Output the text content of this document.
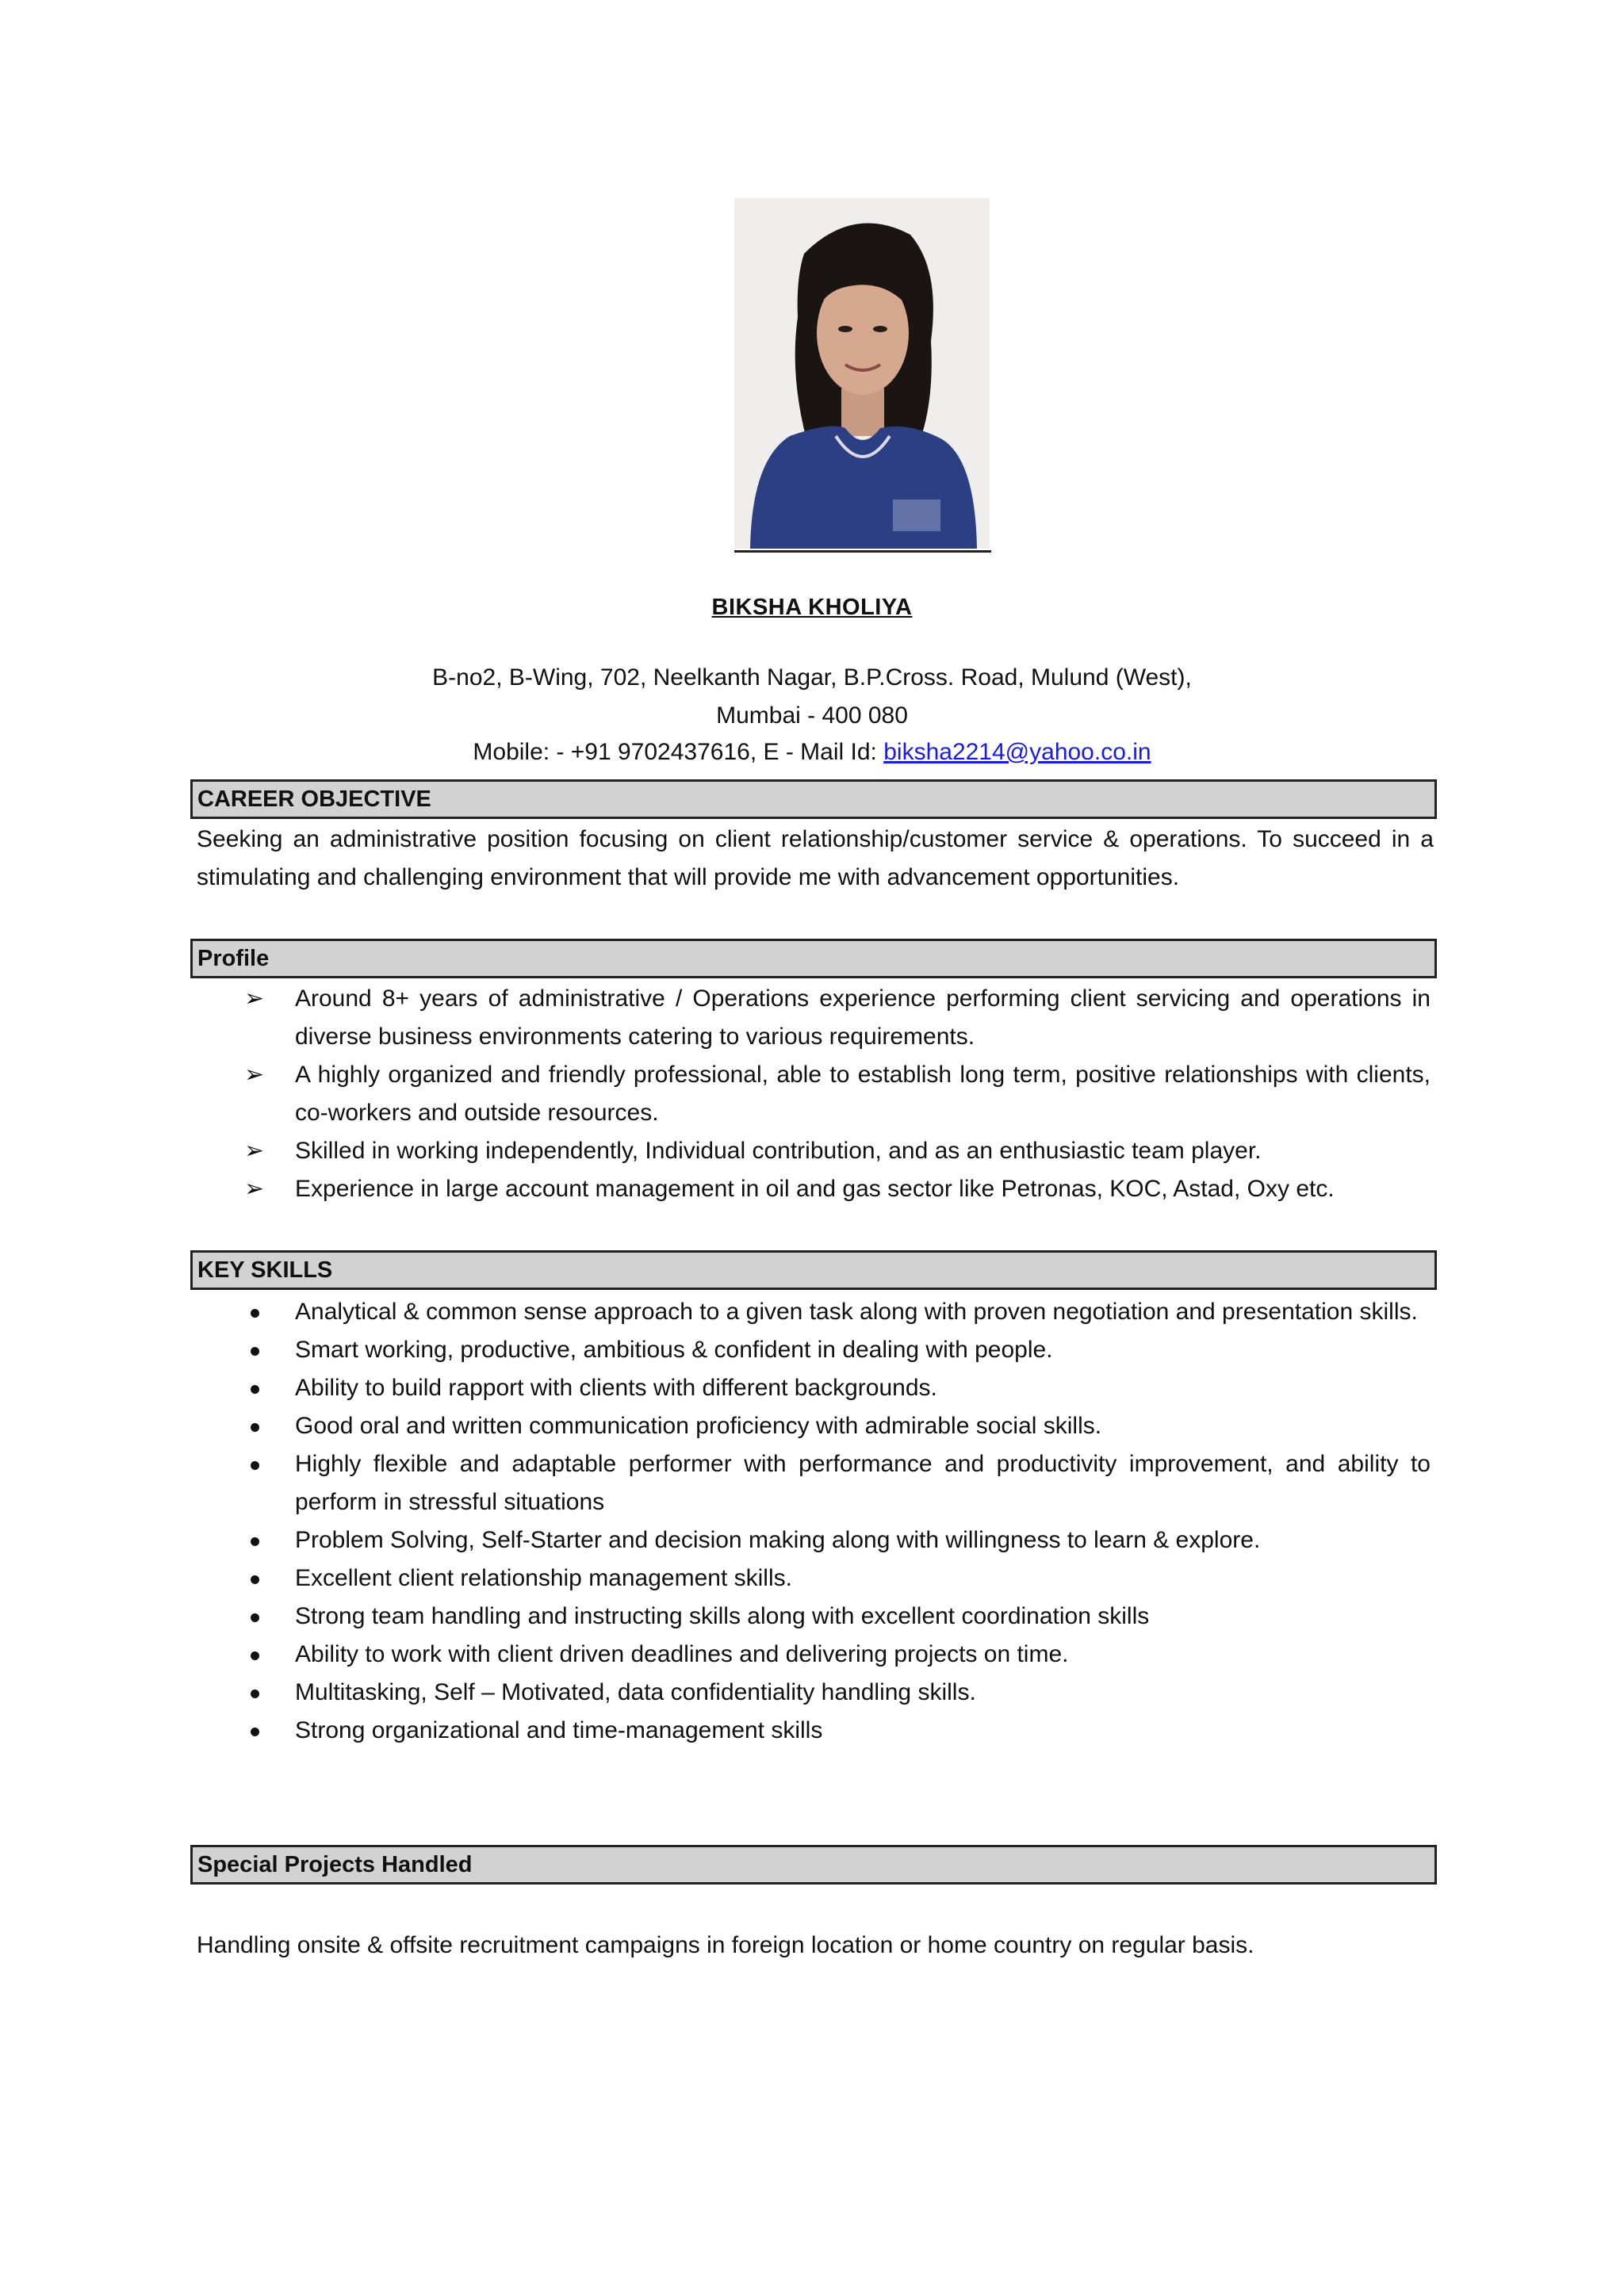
BIKSHA KHOLIYA
B-no2, B-Wing, 702, Neelkanth Nagar, B.P.Cross. Road, Mulund (West),
Mumbai - 400 080
Mobile: - +91 9702437616, E - Mail Id: biksha2214@yahoo.co.in
CAREER OBJECTIVE
Seeking an administrative position focusing on client relationship/customer service & operations. To succeed in a stimulating and challenging environment that will provide me with advancement opportunities.
Profile
➢ Around 8+ years of administrative / Operations experience performing client servicing and operations in diverse business environments catering to various requirements.
➢ A highly organized and friendly professional, able to establish long term, positive relationships with clients, co-workers and outside resources.
➢ Skilled in working independently, Individual contribution, and as an enthusiastic team player.
➢ Experience in large account management in oil and gas sector like Petronas, KOC, Astad, Oxy etc.
KEY SKILLS
Analytical & common sense approach to a given task along with proven negotiation and presentation skills.
Smart working, productive, ambitious & confident in dealing with people.
Ability to build rapport with clients with different backgrounds.
Good oral and written communication proficiency with admirable social skills.
Highly flexible and adaptable performer with performance and productivity improvement, and ability to perform in stressful situations
Problem Solving, Self-Starter and decision making along with willingness to learn & explore.
Excellent client relationship management skills.
Strong team handling and instructing skills along with excellent coordination skills
Ability to work with client driven deadlines and delivering projects on time.
Multitasking, Self – Motivated, data confidentiality handling skills.
Strong organizational and time-management skills
Special Projects Handled
Handling onsite & offsite recruitment campaigns in foreign location or home country on regular basis.
